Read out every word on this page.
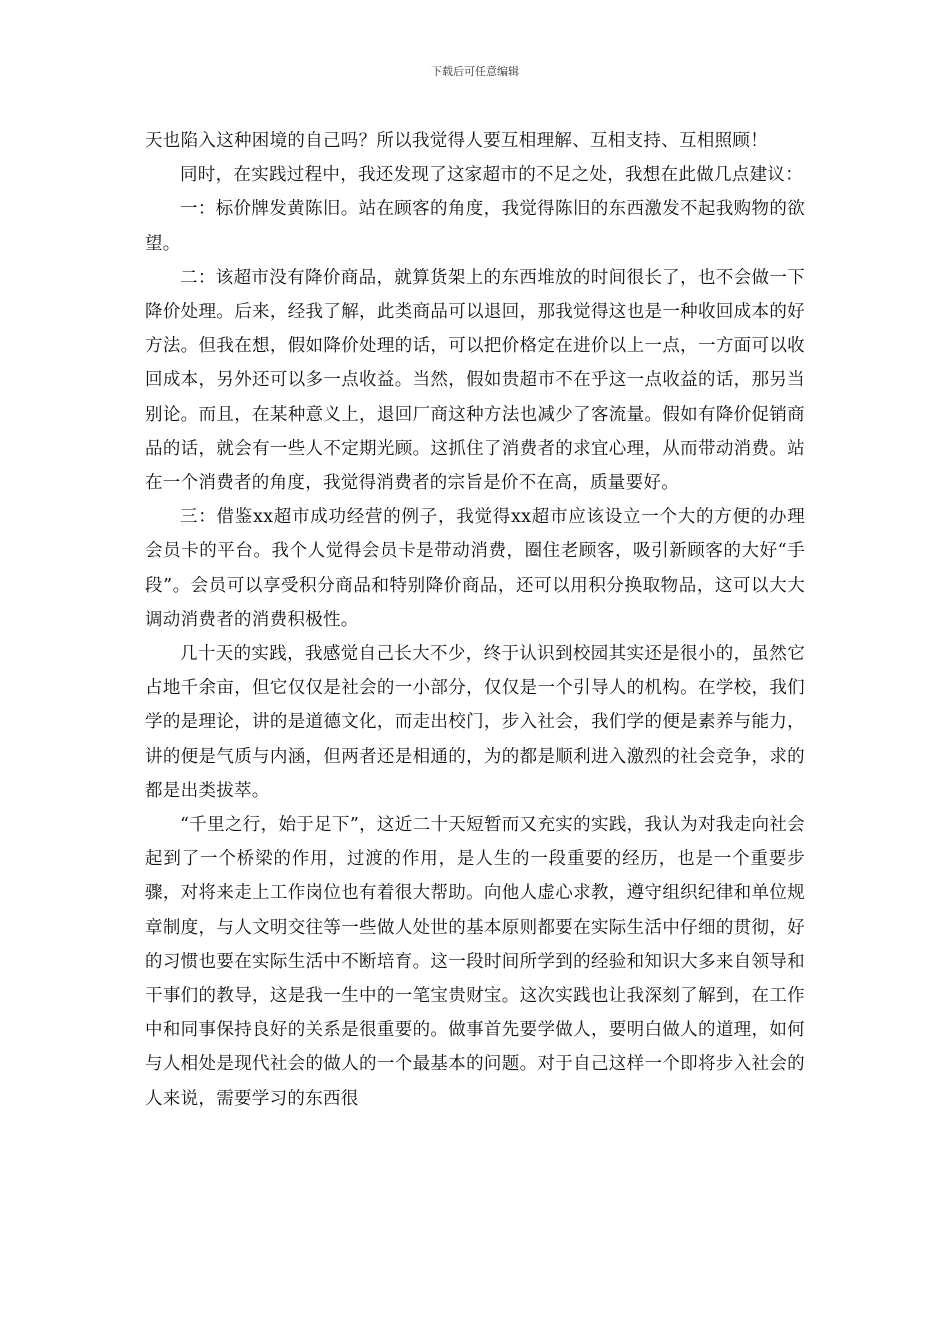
下载后可任意编辑

天也陷入这种困境的自己吗？所以我觉得人要互相理解、互相支持、互相照顾！

同时，在实践过程中，我还发现了这家超市的不足之处，我想在此做几点建议：

一：标价牌发黄陈旧。站在顾客的角度，我觉得陈旧的东西激发不起我购物的欲望。

二：该超市没有降价商品，就算货架上的东西堆放的时间很长了，也不会做一下降价处理。后来，经我了解，此类商品可以退回，那我觉得这也是一种收回成本的好方法。但我在想，假如降价处理的话，可以把价格定在进价以上一点，一方面可以收回成本，另外还可以多一点收益。当然，假如贵超市不在乎这一点收益的话，那另当别论。而且，在某种意义上，退回厂商这种方法也减少了客流量。假如有降价促销商品的话，就会有一些人不定期光顾。这抓住了消费者的求宜心理，从而带动消费。站在一个消费者的角度，我觉得消费者的宗旨是价不在高，质量要好。

三：借鉴xx超市成功经营的例子，我觉得xx超市应该设立一个大的方便的办理会员卡的平台。我个人觉得会员卡是带动消费，圈住老顾客，吸引新顾客的大好“手段”。会员可以享受积分商品和特别降价商品，还可以用积分换取物品，这可以大大调动消费者的消费积极性。

几十天的实践，我感觉自己长大不少，终于认识到校园其实还是很小的，虽然它占地千余亩，但它仅仅是社会的一小部分，仅仅是一个引导人的机构。在学校，我们学的是理论，讲的是道德文化，而走出校门，步入社会，我们学的便是素养与能力，讲的便是气质与内涵，但两者还是相通的，为的都是顺利进入激烈的社会竞争，求的都是出类拔萃。

“千里之行，始于足下”，这近二十天短暂而又充实的实践，我认为对我走向社会起到了一个桥梁的作用，过渡的作用，是人生的一段重要的经历，也是一个重要步骤，对将来走上工作岗位也有着很大帮助。向他人虚心求教，遵守组织纪律和单位规章制度，与人文明交往等一些做人处世的基本原则都要在实际生活中仔细的贯彻，好的习惯也要在实际生活中不断培育。这一段时间所学到的经验和知识大多来自领导和干事们的教导，这是我一生中的一笔宝贵财宝。这次实践也让我深刻了解到，在工作中和同事保持良好的关系是很重要的。做事首先要学做人，要明白做人的道理，如何与人相处是现代社会的做人的一个最基本的问题。对于自己这样一个即将步入社会的人来说，需要学习的东西很
